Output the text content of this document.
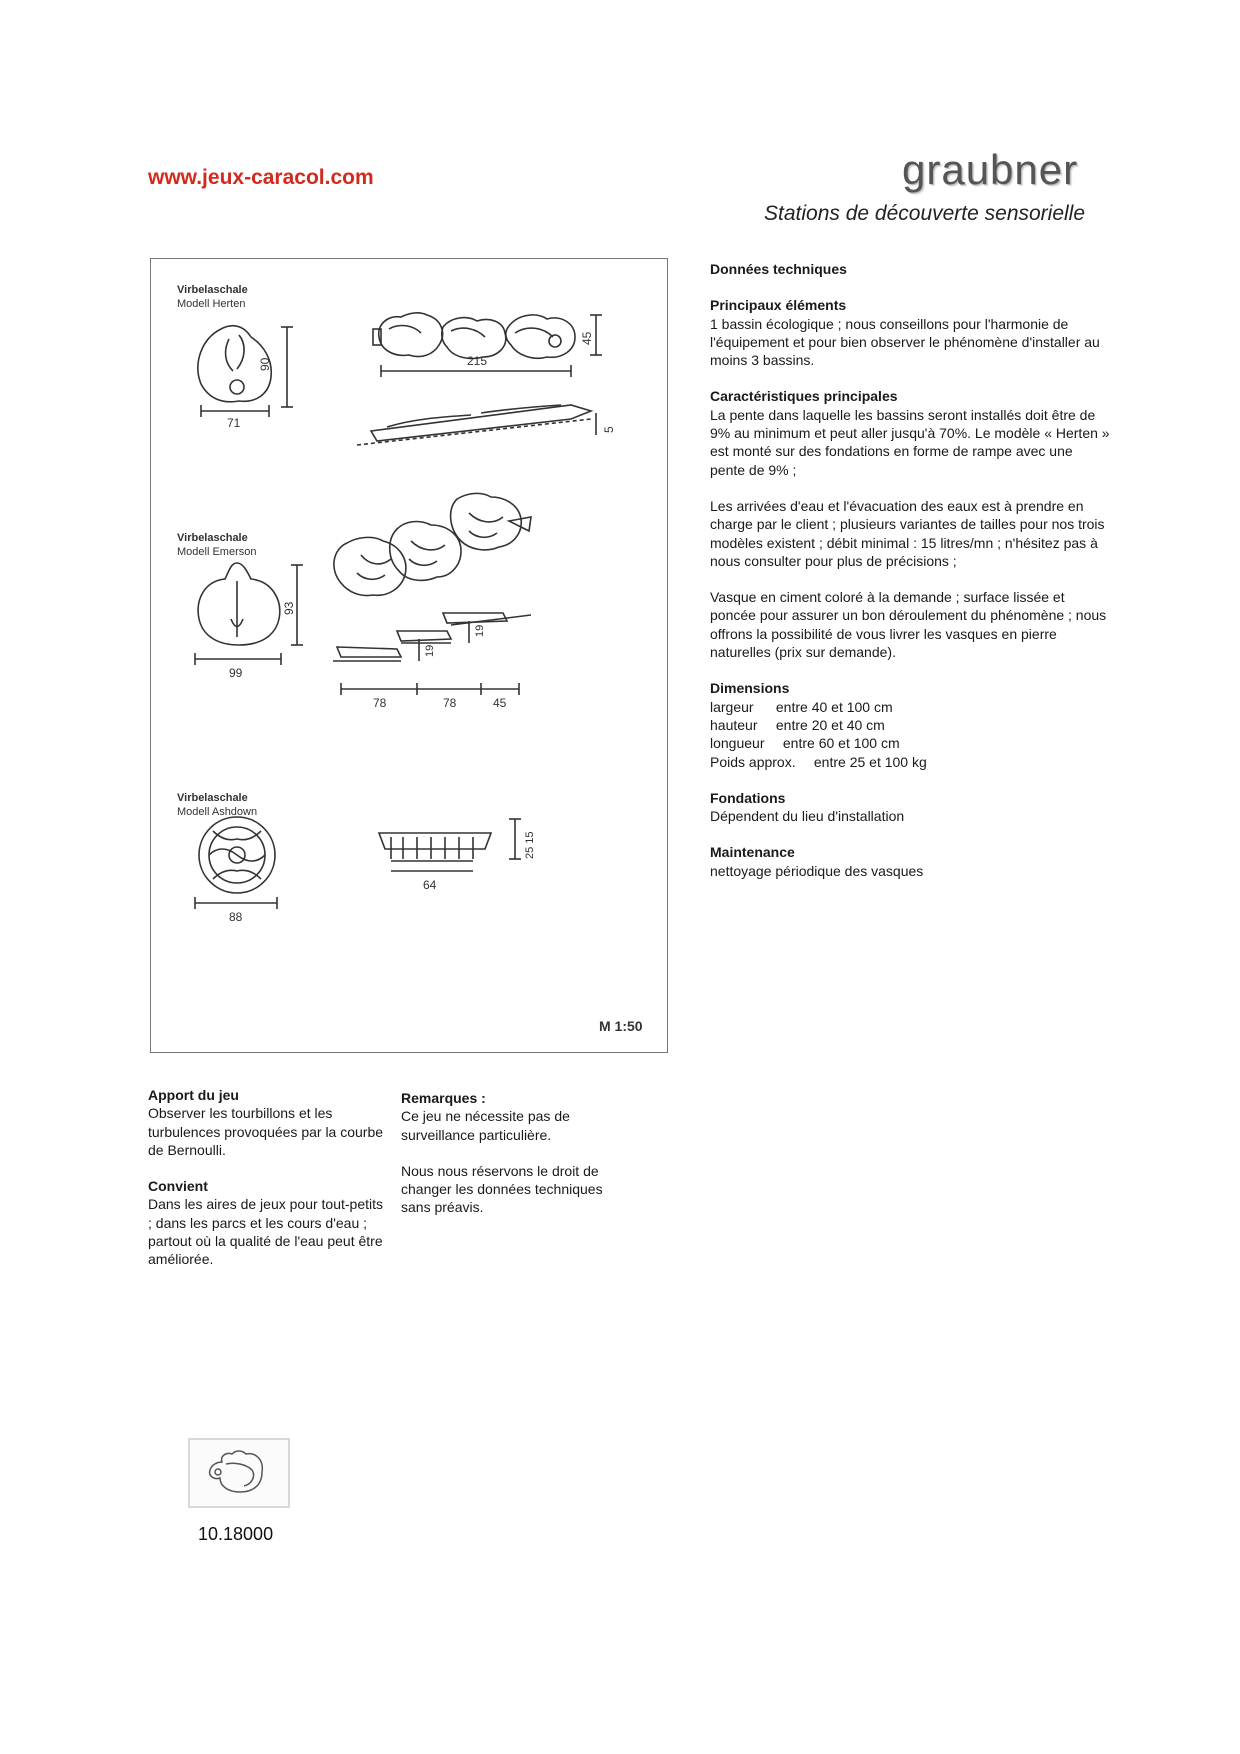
www.jeux-caracol.com	graubner
Stations de découverte sensorielle
Virbelaschale
Modell Herten
71
90	215
45
5
Virbelaschale
Modell Emerson
99
93
78	78	45
19
19
Virbelaschale
Modell Ashdown
88
64
25 15
M 1:50
Données techniques
Principaux éléments
1 bassin écologique ; nous conseillons pour l'harmonie de l'équipement et pour bien observer le phénomène d'installer au moins 3 bassins.
Caractéristiques principales
La pente dans laquelle les bassins seront installés doit être de 9% au minimum et peut aller jusqu'à 70%. Le modèle « Herten » est monté sur des fondations en forme de rampe avec une pente de 9% ;
Les arrivées d'eau et l'évacuation des eaux est à prendre en charge par le client ; plusieurs variantes de tailles pour nos trois modèles existent ; débit minimal : 15 litres/mn ; n'hésitez pas à nous consulter pour plus de précisions ;
Vasque en ciment coloré à la demande ; surface lissée et poncée pour assurer un bon déroulement du phénomène ; nous offrons la possibilité de vous livrer les vasques en pierre naturelles (prix sur demande).
Dimensions
largeur entre 40 et 100 cm
hauteur entre 20 et 40 cm
longueur entre 60 et 100 cm
Poids approx. entre 25 et 100 kg
Fondations
Dépendent du lieu d'installation
Maintenance
nettoyage périodique des vasques
Apport du jeu
Observer les tourbillons et les turbulences provoquées par la courbe de Bernoulli.
Convient
Dans les aires de jeux pour tout-petits ; dans les parcs et les cours d'eau ; partout où la qualité de l'eau peut être améliorée.
Remarques :
Ce jeu ne nécessite pas de surveillance particulière.
Nous nous réservons le droit de changer les données techniques sans préavis.
10.18000
